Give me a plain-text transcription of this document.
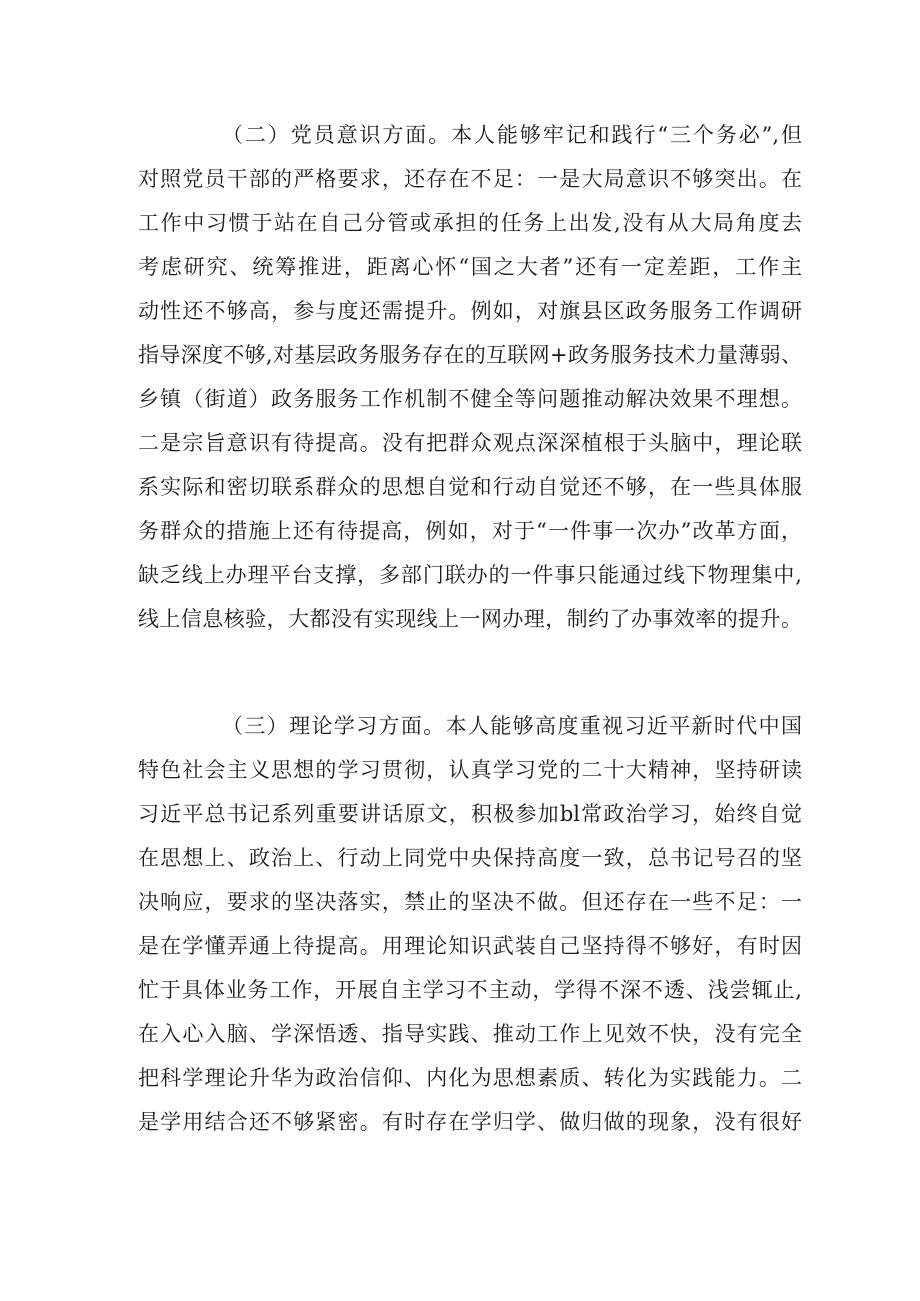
（二）党员意识方面。本人能够牢记和践行“三个务必”,但
对照党员干部的严格要求，还存在不足：一是大局意识不够突出。在
工作中习惯于站在自己分管或承担的任务上出发,没有从大局角度去
考虑研究、统筹推进，距离心怀“国之大者”还有一定差距，工作主
动性还不够高，参与度还需提升。例如，对旗县区政务服务工作调研
指导深度不够,对基层政务服务存在的互联网+政务服务技术力量薄弱、
乡镇（街道）政务服务工作机制不健全等问题推动解决效果不理想。
二是宗旨意识有待提高。没有把群众观点深深植根于头脑中，理论联
系实际和密切联系群众的思想自觉和行动自觉还不够，在一些具体服
务群众的措施上还有待提高，例如，对于“一件事一次办”改革方面，
缺乏线上办理平台支撑，多部门联办的一件事只能通过线下物理集中,
线上信息核验，大都没有实现线上一网办理，制约了办事效率的提升。
（三）理论学习方面。本人能够高度重视习近平新时代中国
特色社会主义思想的学习贯彻，认真学习党的二十大精神，坚持研读
习近平总书记系列重要讲话原文，积极参加bl常政治学习，始终自觉
在思想上、政治上、行动上同党中央保持高度一致，总书记号召的坚
决响应，要求的坚决落实，禁止的坚决不做。但还存在一些不足：一
是在学懂弄通上待提高。用理论知识武装自己坚持得不够好，有时因
忙于具体业务工作，开展自主学习不主动，学得不深不透、浅尝辄止,
在入心入脑、学深悟透、指导实践、推动工作上见效不快，没有完全
把科学理论升华为政治信仰、内化为思想素质、转化为实践能力。二
是学用结合还不够紧密。有时存在学归学、做归做的现象，没有很好
